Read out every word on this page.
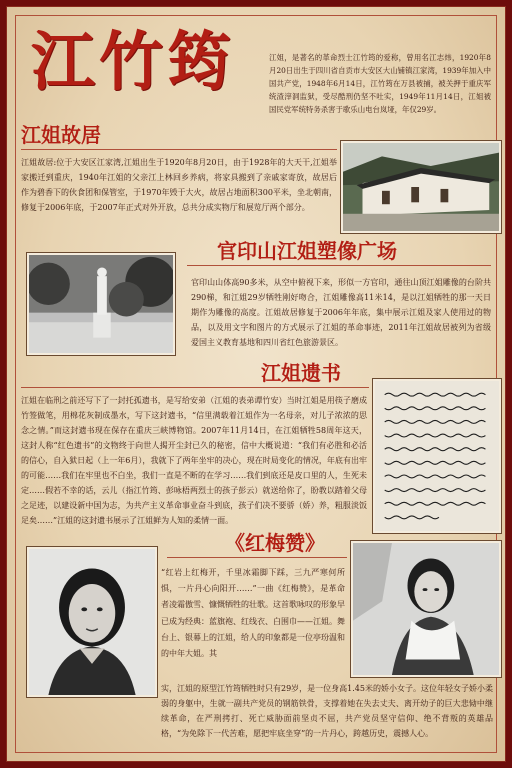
江竹筠	江姐，是著名的革命烈士江竹筠的爱称，曾用名江志炜，1920年8月20日出生于四川省自贡市大安区大山铺镇江家湾，1939年加入中国共产党，1948年6月14日，江竹筠在万县被捕，被关押于重庆军统渣滓洞监狱，受尽酷刑仍坚不吐实，1949年11月14日，江姐被国民党军统特务杀害于歌乐山电台岚垭，年仅29岁。
江姐故居
江姐故居:位于大安区江家湾,江姐出生于1920年8月20日，由于1928年的大天干,江姐举家搬迁到重庆，1940年江姐的父亲江上林回乡养病，将家具搬到了亲戚家寄放，故居后作为碧香下的伙食团和保管室，于1970年毁于大火，故居占地面积300平米，坐北朝南，修复于2006年底，于2007年正式对外开放，总共分成实物厅和展览厅两个部分。
官印山江姐塑像广场
官印山山体高90多米，从空中俯视下来，形似一方官印，通往山顶江姐雕像的台阶共290梯，和江姐29岁牺牲刚好吻合，江姐雕像高11米14，是以江姐牺牲的那一天日期作为雕像的高度。江姐故居修复于2006年年底，集中展示江姐及家人使用过的物品，以及用文字和图片的方式展示了江姐的革命事迹，2011年江姐故居被列为省级爱国主义教育基地和四川省红色旅游景区。
江姐遗书
江姐在临刑之前还写下了一封托孤遗书，是写给安弟（江姐的表弟谭竹安）当时江姐是用筷子磨成竹签做笔，用棉花灰制成墨水，写下这封遗书，“信里满载着江姐作为一名母亲，对儿子浓浓的思念之情。”而这封遗书现在保存在重庆三峡博物馆。2007年11月14日，在江姐牺牲58周年这天，这封人称“红色遗书”的文物终于向世人揭开尘封已久的秘密，信中大概说道：“我们有必胜和必活的信心，自入狱日起（上一年6月），我就下了两年坐牢的决心，现在时局变化的情况，年底有出牢的可能……我们在牢里也不白坐，我们一直是不断的在学习……我们到底还是皮口里的人，生死未定……假若不幸的话，云儿（指江竹筠、彭咏梧两烈士的孩子彭云）就送给你了，盼教以踏着父母之足迹，以建设新中国为志，为共产主义革命事业奋斗到底，孩子们决不要骄（娇）养，粗服淡饭足矣……”江姐的这封遗书展示了江姐鲜为人知的柔情一面。
《红梅赞》
“红岩上红梅开，千里冰霜脚下踩，三九严寒何所惧，一片丹心向阳开……”一曲《红梅赞》，是革命者凌霜傲雪、慷慨牺牲的壮歌。这首歌咏叹的形象早已成为经典：蓝旗袍、红线衣、白围巾——江姐。舞台上、银幕上的江姐，给人的印象都是一位亭玢温和的中年大姐。其
实，江姐的原型江竹筠牺牲时只有29岁，是一位身高1.45米的娇小女子。这位年轻女子娇小柔弱的身躯中，生就一副共产党员的钢筋铁骨，支撑着她在失去丈夫、离开幼子的巨大悲恸中继续革命，在严刑拷打、死亡威胁面前坚贞不屈，共产党员坚守信仰、绝不背叛的英雄品格，“为免除下一代苦难，愿把牢底坐穿”的一片丹心，跨越历史，震撼人心。
